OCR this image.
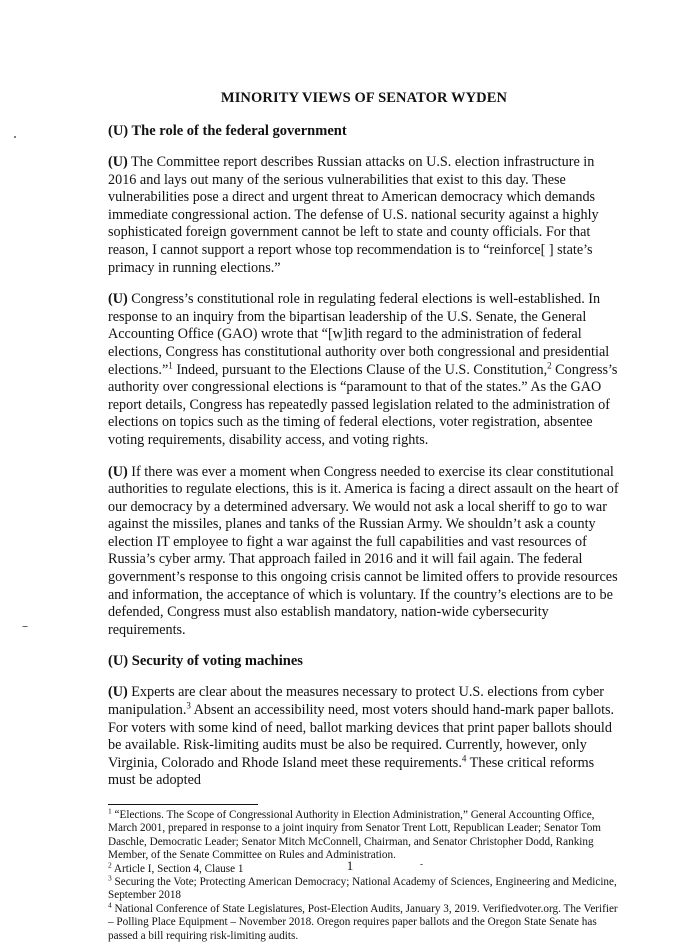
MINORITY VIEWS OF SENATOR WYDEN
(U) The role of the federal government

(U) The Committee report describes Russian attacks on U.S. election infrastructure in 2016 and lays out many of the serious vulnerabilities that exist to this day. These vulnerabilities pose a direct and urgent threat to American democracy which demands immediate congressional action. The defense of U.S. national security against a highly sophisticated foreign government cannot be left to state and county officials. For that reason, I cannot support a report whose top recommendation is to “reinforce[ ] state’s primacy in running elections.”

(U) Congress’s constitutional role in regulating federal elections is well-established. In response to an inquiry from the bipartisan leadership of the U.S. Senate, the General Accounting Office (GAO) wrote that “[w]ith regard to the administration of federal elections, Congress has constitutional authority over both congressional and presidential elections.”$^1$ Indeed, pursuant to the Elections Clause of the U.S. Constitution,$^2$ Congress’s authority over congressional elections is “paramount to that of the states.” As the GAO report details, Congress has repeatedly passed legislation related to the administration of elections on topics such as the timing of federal elections, voter registration, absentee voting requirements, disability access, and voting rights.

(U) If there was ever a moment when Congress needed to exercise its clear constitutional authorities to regulate elections, this is it. America is facing a direct assault on the heart of our democracy by a determined adversary. We would not ask a local sheriff to go to war against the missiles, planes and tanks of the Russian Army. We shouldn’t ask a county election IT employee to fight a war against the full capabilities and vast resources of Russia’s cyber army. That approach failed in 2016 and it will fail again. The federal government’s response to this ongoing crisis cannot be limited offers to provide resources and information, the acceptance of which is voluntary. If the country’s elections are to be defended, Congress must also establish mandatory, nation-wide cybersecurity requirements.

(U) Security of voting machines

(U) Experts are clear about the measures necessary to protect U.S. elections from cyber manipulation.$^3$ Absent an accessibility need, most voters should hand-mark paper ballots. For voters with some kind of need, ballot marking devices that print paper ballots should be available. Risk-limiting audits must be also be required. Currently, however, only Virginia, Colorado and Rhode Island meet these requirements.$^4$ These critical reforms must be adopted

$^1$ “Elections. The Scope of Congressional Authority in Election Administration,” General Accounting Office, March 2001, prepared in response to a joint inquiry from Senator Trent Lott, Republican Leader; Senator Tom Daschle, Democratic Leader; Senator Mitch McConnell, Chairman, and Senator Christopher Dodd, Ranking Member, of the Senate Committee on Rules and Administration.

$^2$ Article I, Section 4, Clause 1

$^3$ Securing the Vote; Protecting American Democracy; National Academy of Sciences, Engineering and Medicine, September 2018

$^4$ National Conference of State Legislatures, Post-Election Audits, January 3, 2019. Verifiedvoter.org. The Verifier – Polling Place Equipment – November 2018. Oregon requires paper ballots and the Oregon State Senate has passed a bill requiring risk-limiting audits.

1
